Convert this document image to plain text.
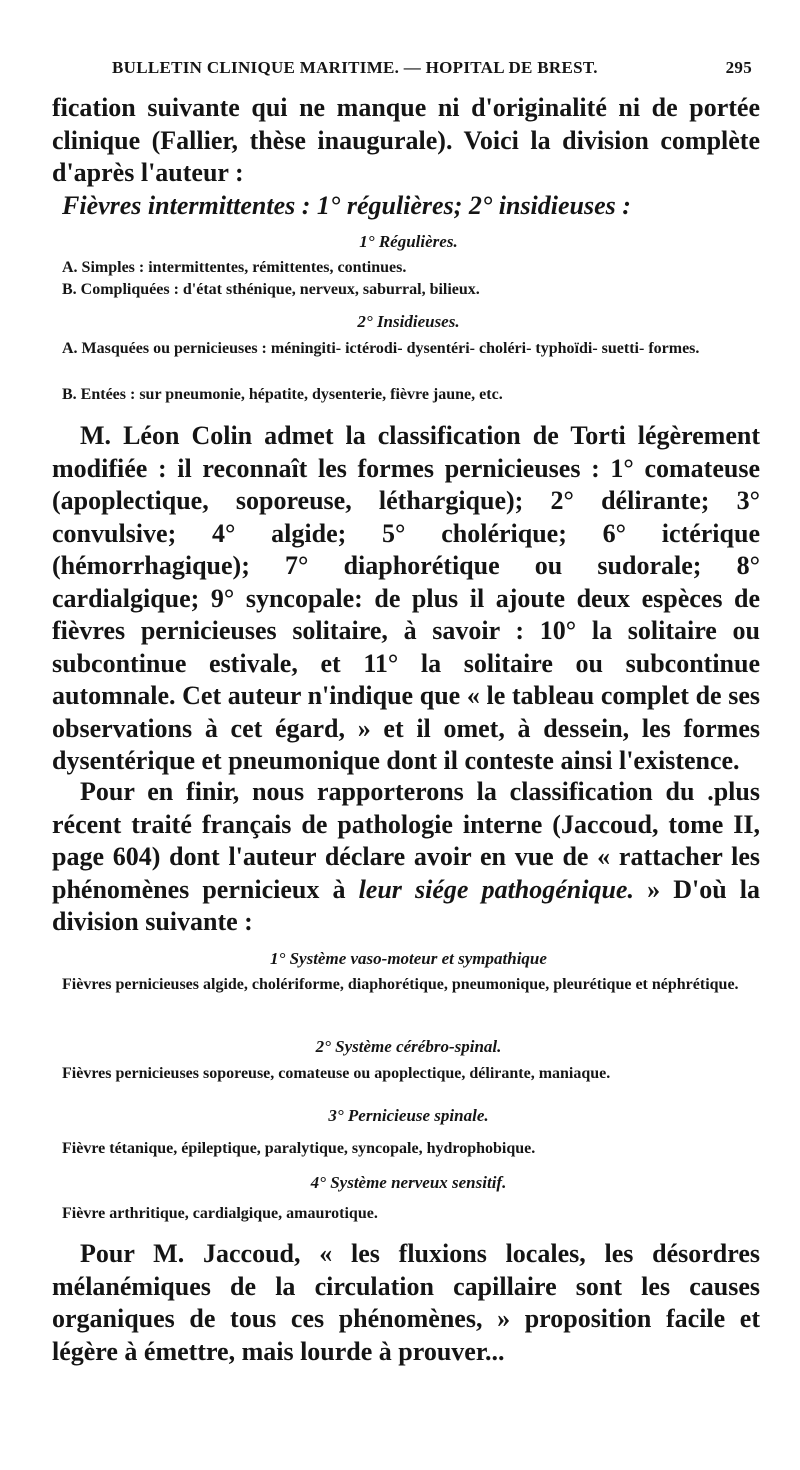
BULLETIN CLINIQUE MARITIME. — HOPITAL DE BREST.	295
fication suivante qui ne manque ni d'originalité ni de portée clinique (Fallier, thèse inaugurale). Voici la division complète d'après l'auteur :
Fièvres intermittentes : 1° régulières; 2° insidieuses :
1° Régulières.
A. Simples : intermittentes, rémittentes, continues.
B. Compliquées : d'état sthénique, nerveux, saburral, bilieux.
2° Insidieuses.
A. Masquées ou pernicieuses : méningiti- ictérodi- dysentéri- choléri- typhoïdi- suetti- formes.
B. Entées : sur pneumonie, hépatite, dysenterie, fièvre jaune, etc.
M. Léon Colin admet la classification de Torti légèrement modifiée : il reconnaît les formes pernicieuses : 1° comateuse (apoplectique, soporeuse, léthargique); 2° délirante; 3° convulsive; 4° algide; 5° cholérique; 6° ictérique (hémorrhagique); 7° diaphorétique ou sudorale; 8° cardialgique; 9° syncopale: de plus il ajoute deux espèces de fièvres pernicieuses solitaire, à savoir : 10° la solitaire ou subcontinue estivale, et 11° la solitaire ou subcontinue automnale. Cet auteur n'indique que « le tableau complet de ses observations à cet égard, » et il omet, à dessein, les formes dysentérique et pneumonique dont il conteste ainsi l'existence.
Pour en finir, nous rapporterons la classification du .plus récent traité français de pathologie interne (Jaccoud, tome II, page 604) dont l'auteur déclare avoir en vue de « rattacher les phénomènes pernicieux à leur siége pathogénique. » D'où la division suivante :
1° Système vaso-moteur et sympathique
Fièvres pernicieuses algide, cholériforme, diaphorétique, pneumonique, pleurétique et néphrétique.
2° Système cérébro-spinal.
Fièvres pernicieuses soporeuse, comateuse ou apoplectique, délirante, maniaque.
3° Pernicieuse spinale.
Fièvre tétanique, épileptique, paralytique, syncopale, hydrophobique.
4° Système nerveux sensitif.
Fièvre arthritique, cardialgique, amaurotique.
Pour M. Jaccoud, « les fluxions locales, les désordres mélanémiques de la circulation capillaire sont les causes organiques de tous ces phénomènes, » proposition facile et légère à émettre, mais lourde à prouver...
